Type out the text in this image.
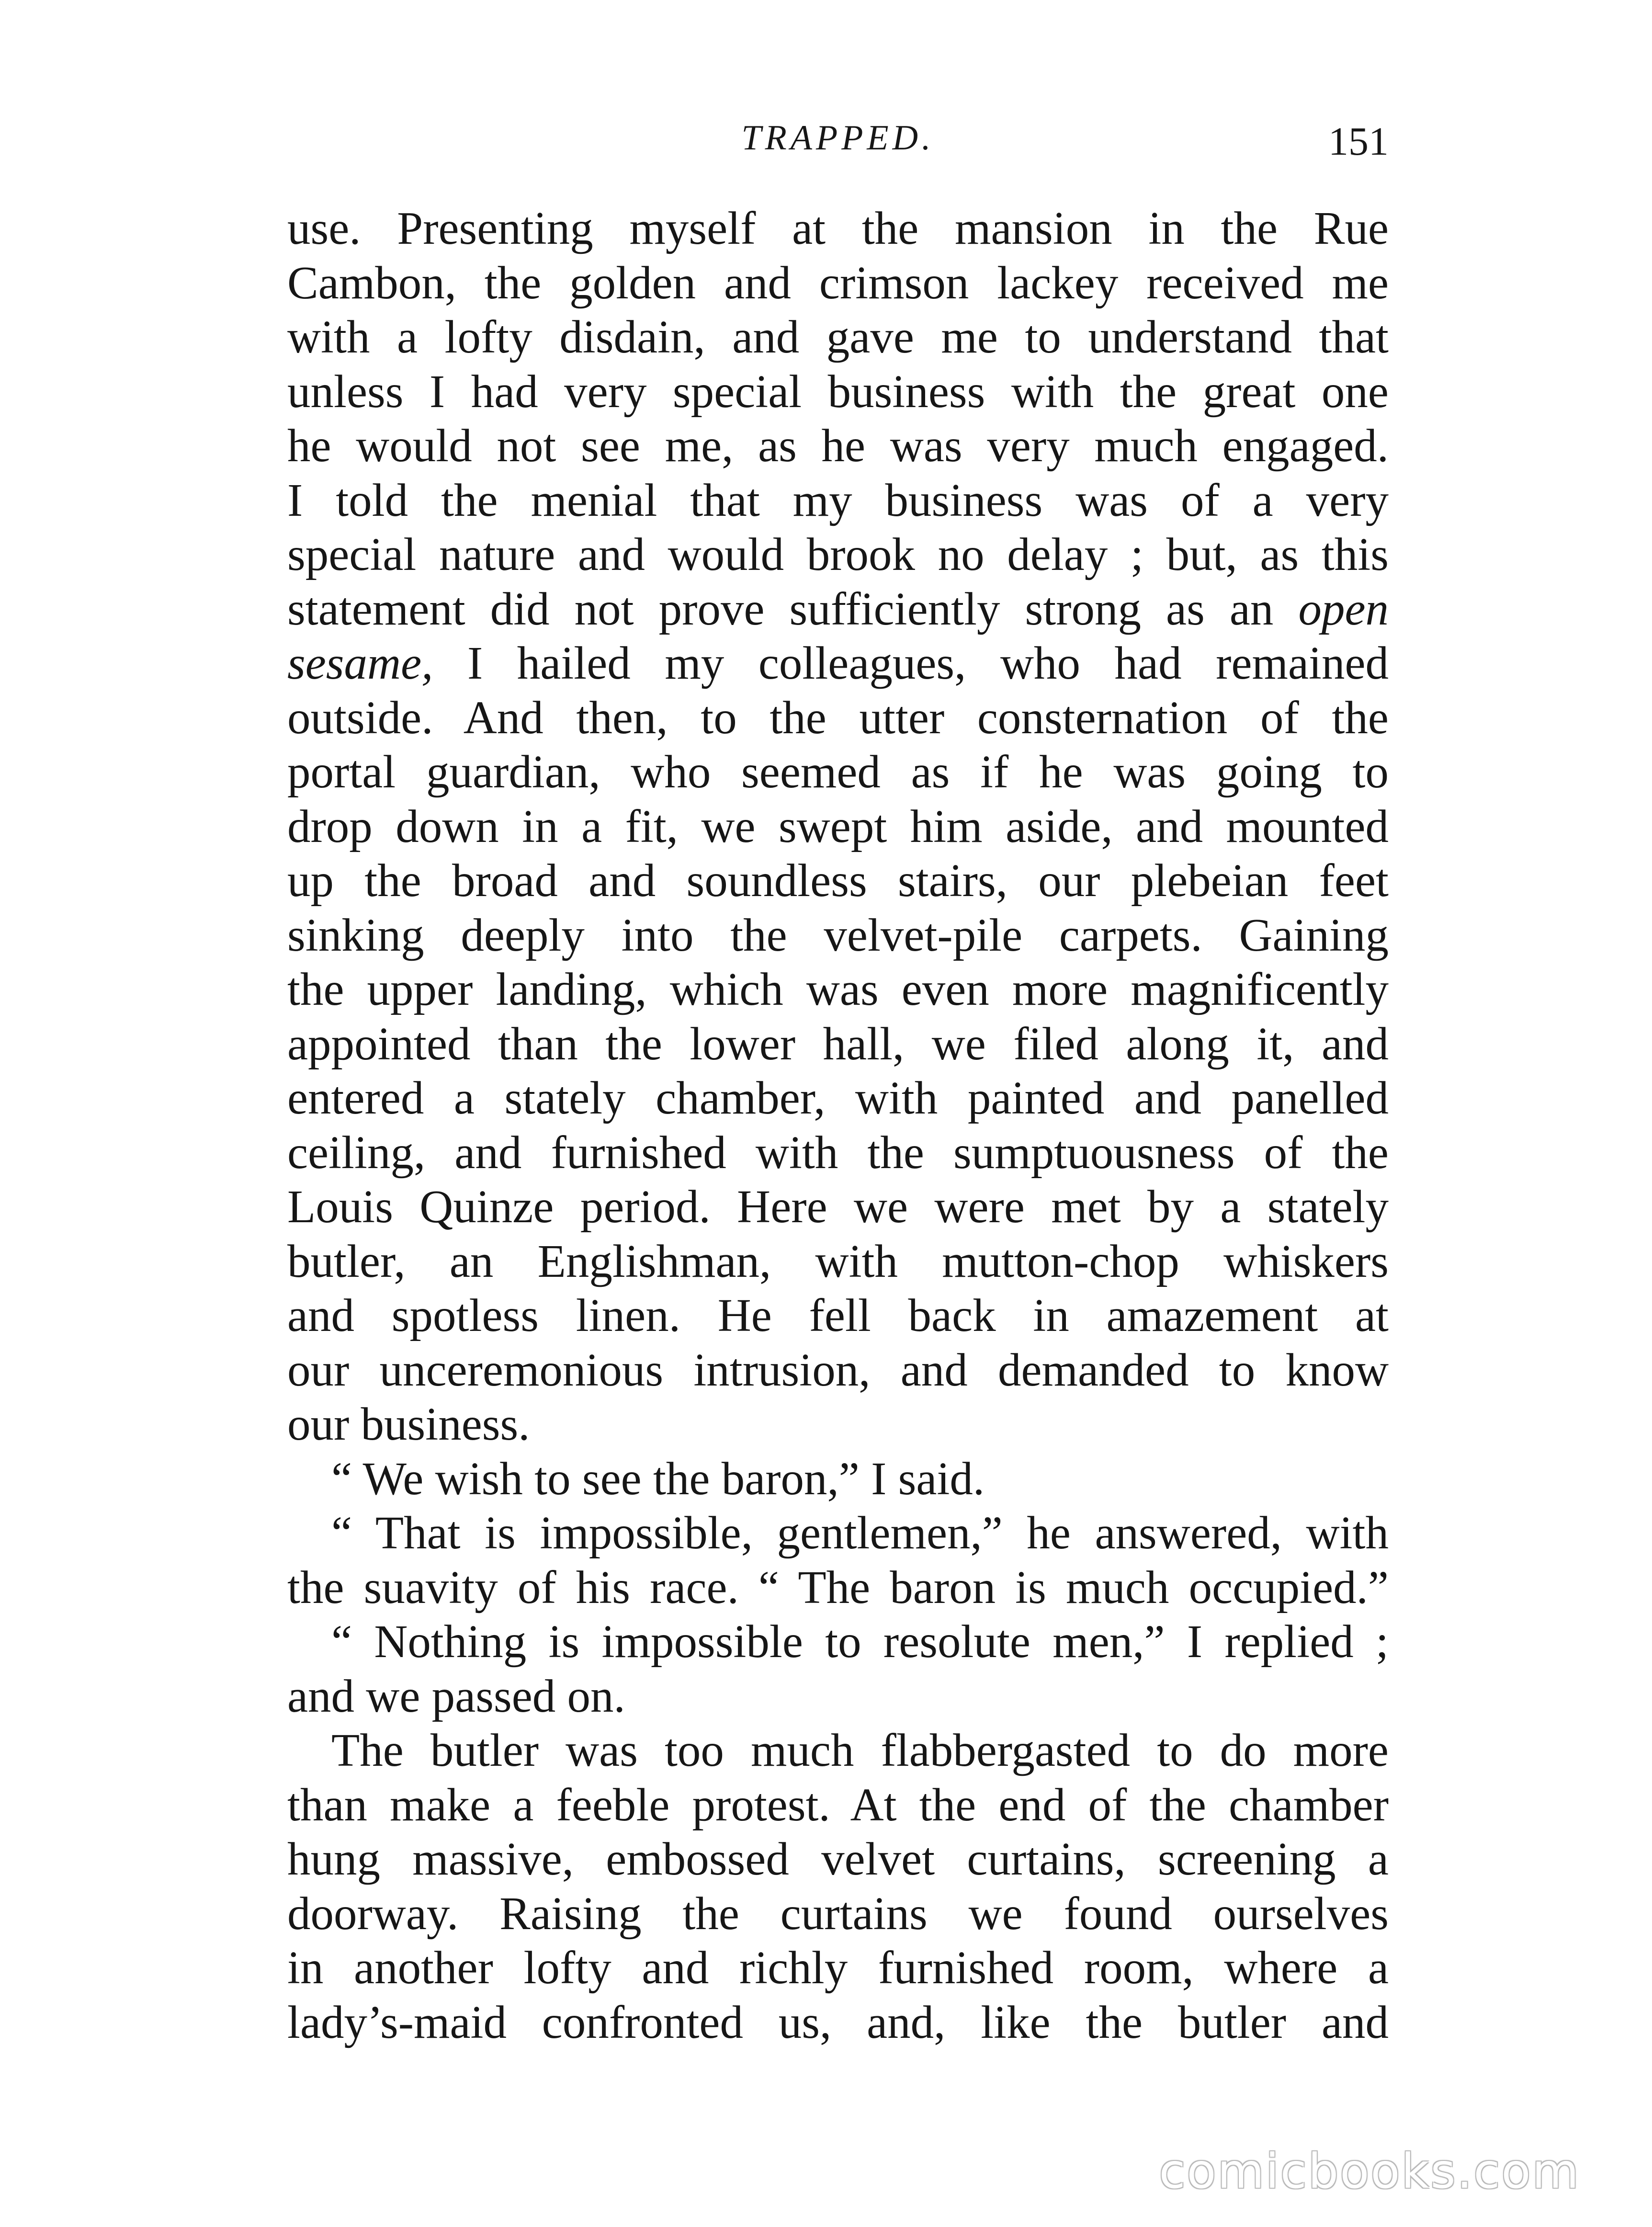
TRAPPED.	151
use. Presenting myself at the mansion in the Rue
Cambon, the golden and crimson lackey received me
with a lofty disdain, and gave me to understand that
unless I had very special business with the great one
he would not see me, as he was very much engaged.
I told the menial that my business was of a very
special nature and would brook no delay ; but, as this
statement did not prove sufficiently strong as an open
sesame, I hailed my colleagues, who had remained
outside. And then, to the utter consternation of the
portal guardian, who seemed as if he was going to
drop down in a fit, we swept him aside, and mounted
up the broad and soundless stairs, our plebeian feet
sinking deeply into the velvet-pile carpets. Gaining
the upper landing, which was even more magnificently
appointed than the lower hall, we filed along it, and
entered a stately chamber, with painted and panelled
ceiling, and furnished with the sumptuousness of the
Louis Quinze period. Here we were met by a stately
butler, an Englishman, with mutton-chop whiskers
and spotless linen. He fell back in amazement at
our unceremonious intrusion, and demanded to know
our business.
“ We wish to see the baron,” I said.
“ That is impossible, gentlemen,” he answered, with
the suavity of his race. “ The baron is much occupied.”
“ Nothing is impossible to resolute men,” I replied ;
and we passed on.
The butler was too much flabbergasted to do more
than make a feeble protest. At the end of the chamber
hung massive, embossed velvet curtains, screening a
doorway. Raising the curtains we found ourselves
in another lofty and richly furnished room, where a
lady’s-maid confronted us, and, like the butler and
comicbooks.com
